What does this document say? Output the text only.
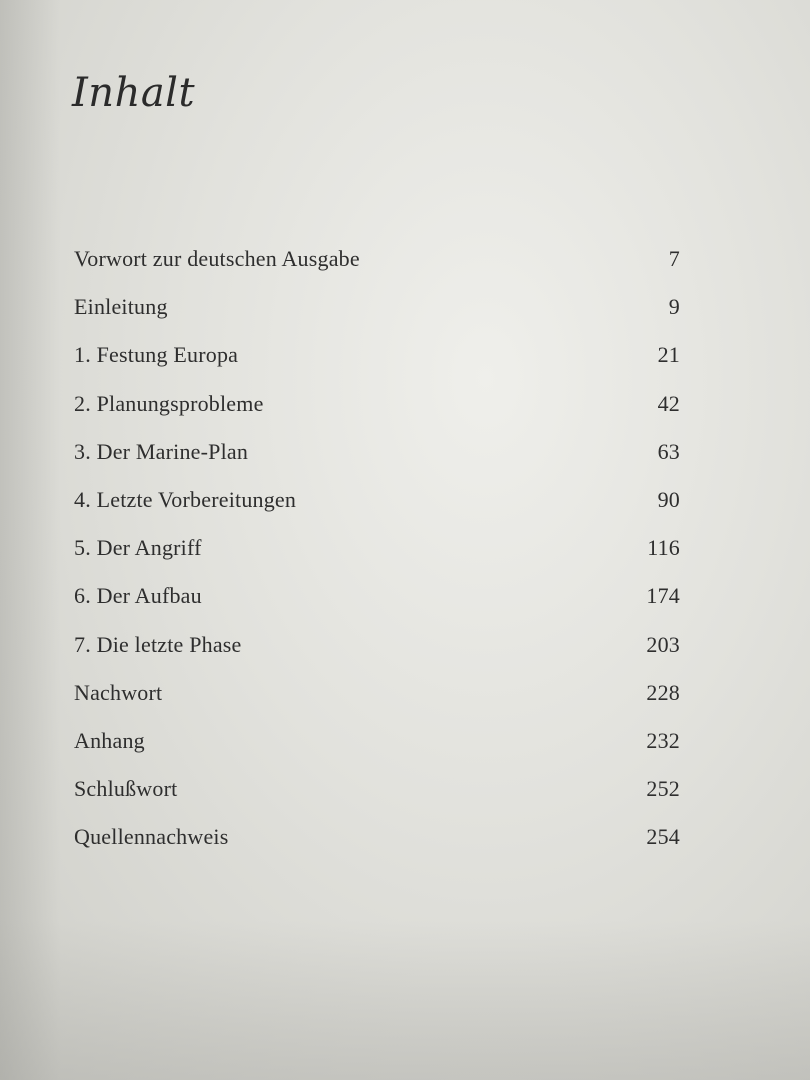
Inhalt
Vorwort zur deutschen Ausgabe	7
Einleitung	9
1. Festung Europa	21
2. Planungsprobleme	42
3. Der Marine-Plan	63
4. Letzte Vorbereitungen	90
5. Der Angriff	116
6. Der Aufbau	174
7. Die letzte Phase	203
Nachwort	228
Anhang	232
Schlußwort	252
Quellennachweis	254
